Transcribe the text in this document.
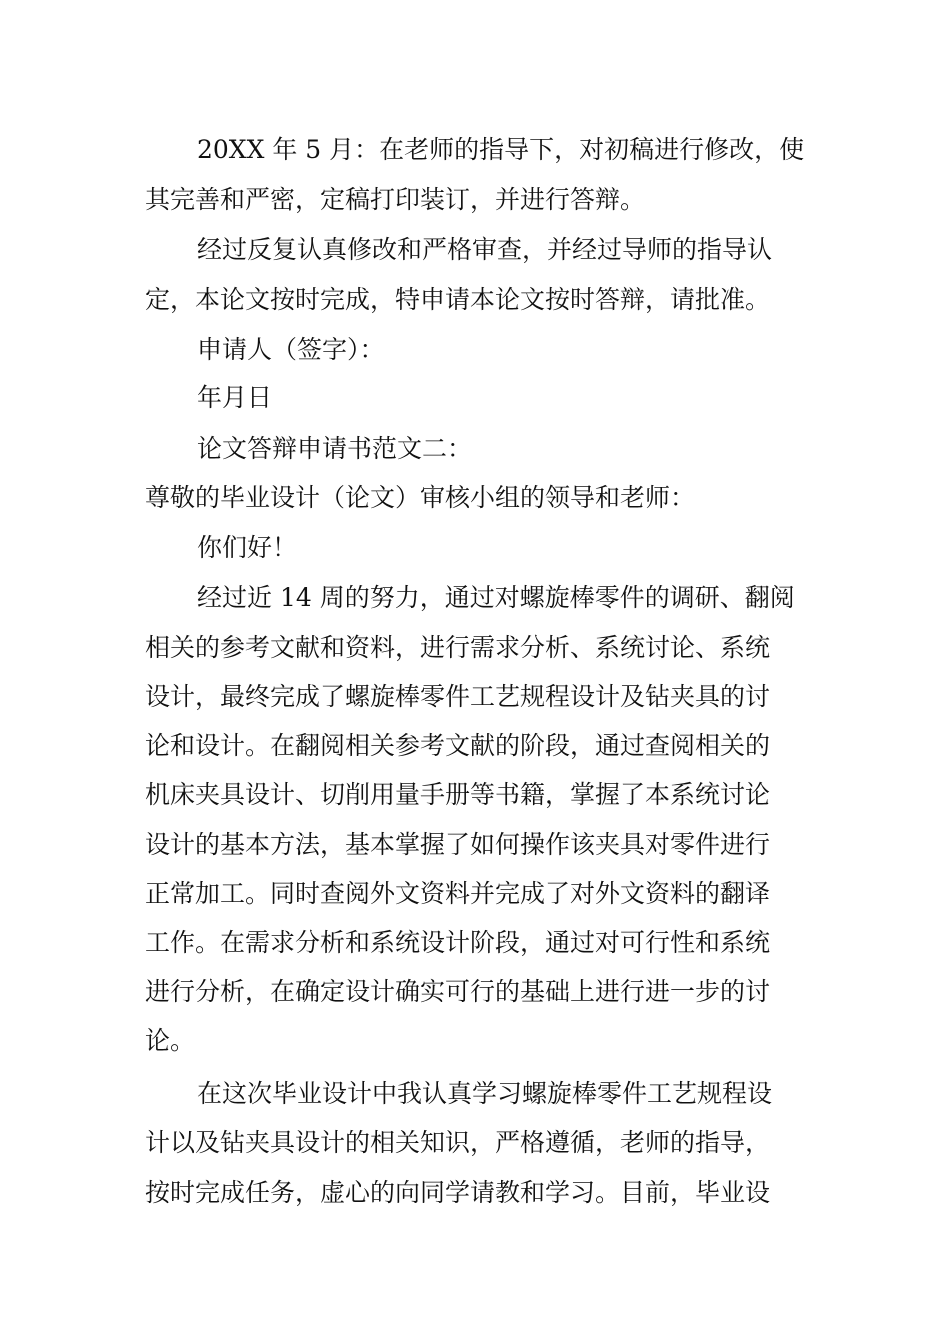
20XX 年 5 月：在老师的指导下，对初稿进行修改，使

其完善和严密，定稿打印装订，并进行答辩。

经过反复认真修改和严格审查，并经过导师的指导认

定，本论文按时完成，特申请本论文按时答辩，请批准。

申请人（签字）：

年月日

论文答辩申请书范文二：

尊敬的毕业设计（论文）审核小组的领导和老师：

你们好！

经过近 14 周的努力，通过对螺旋棒零件的调研、翻阅

相关的参考文献和资料，进行需求分析、系统讨论、系统

设计，最终完成了螺旋棒零件工艺规程设计及钻夹具的讨

论和设计。在翻阅相关参考文献的阶段，通过查阅相关的

机床夹具设计、切削用量手册等书籍，掌握了本系统讨论

设计的基本方法，基本掌握了如何操作该夹具对零件进行

正常加工。同时查阅外文资料并完成了对外文资料的翻译

工作。在需求分析和系统设计阶段，通过对可行性和系统

进行分析，在确定设计确实可行的基础上进行进一步的讨

论。

在这次毕业设计中我认真学习螺旋棒零件工艺规程设

计以及钻夹具设计的相关知识，严格遵循，老师的指导，

按时完成任务，虚心的向同学请教和学习。目前，毕业设
